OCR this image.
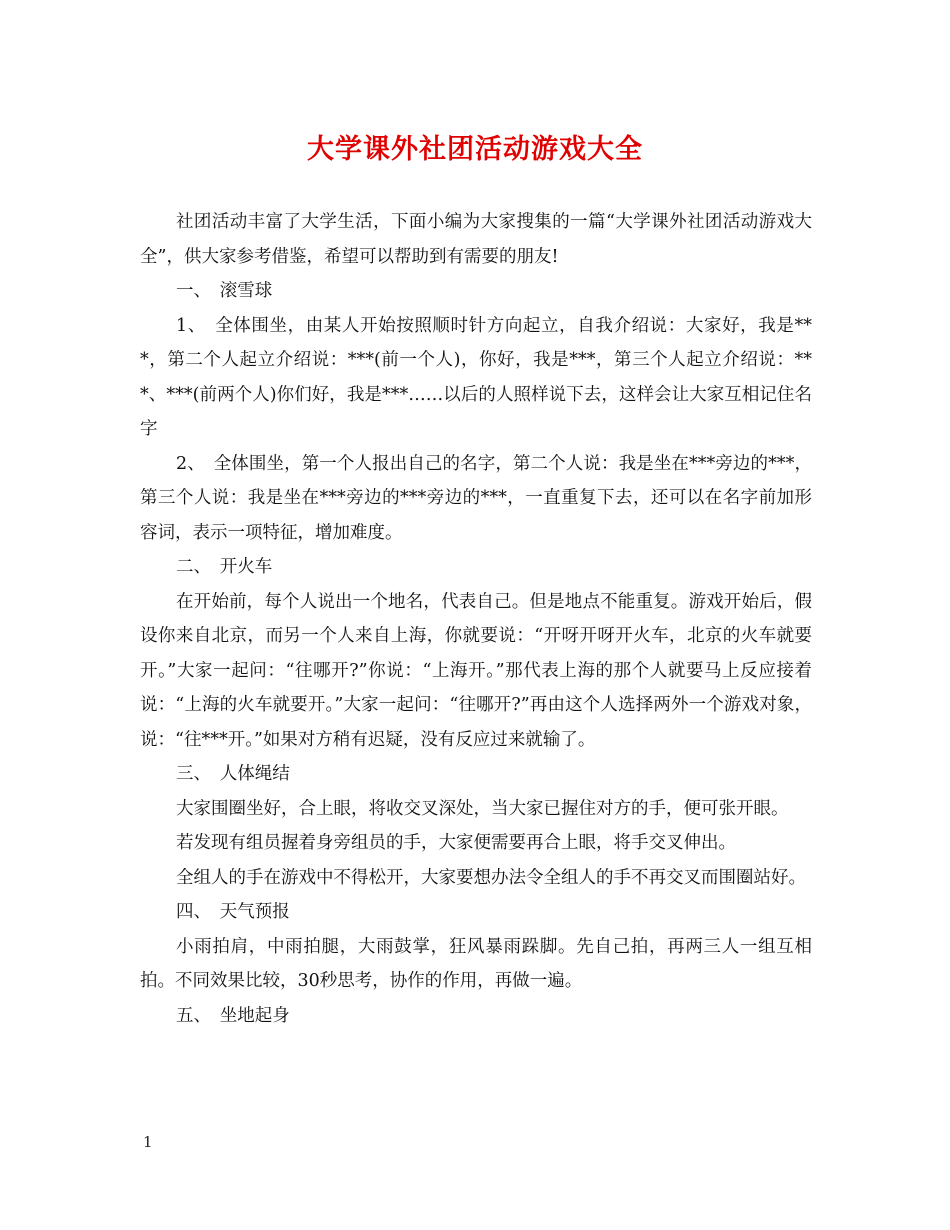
大学课外社团活动游戏大全

社团活动丰富了大学生活，下面小编为大家搜集的一篇“大学课外社团活动游戏大全”，供大家参考借鉴，希望可以帮助到有需要的朋友!

一、　滚雪球

1、　全体围坐，由某人开始按照顺时针方向起立，自我介绍说：大家好，我是***，第二个人起立介绍说：***(前一个人)，你好，我是***，第三个人起立介绍说：***、***(前两个人)你们好，我是***……以后的人照样说下去，这样会让大家互相记住名字

2、　全体围坐，第一个人报出自己的名字，第二个人说：我是坐在***旁边的***，第三个人说：我是坐在***旁边的***旁边的***，一直重复下去，还可以在名字前加形容词，表示一项特征，增加难度。

二、　开火车

在开始前，每个人说出一个地名，代表自己。但是地点不能重复。游戏开始后，假设你来自北京，而另一个人来自上海，你就要说：“开呀开呀开火车，北京的火车就要开。”大家一起问：“往哪开?”你说：“上海开。”那代表上海的那个人就要马上反应接着说：“上海的火车就要开。”大家一起问：“往哪开?”再由这个人选择两外一个游戏对象，说：“往***开。”如果对方稍有迟疑，没有反应过来就输了。

三、　人体绳结

大家围圈坐好，合上眼，将收交叉深处，当大家已握住对方的手，便可张开眼。

若发现有组员握着身旁组员的手，大家便需要再合上眼，将手交叉伸出。

全组人的手在游戏中不得松开，大家要想办法令全组人的手不再交叉而围圈站好。

四、　天气预报

小雨拍肩，中雨拍腿，大雨鼓掌，狂风暴雨跺脚。先自己拍，再两三人一组互相拍。不同效果比较，30秒思考，协作的作用，再做一遍。

五、　坐地起身

1
